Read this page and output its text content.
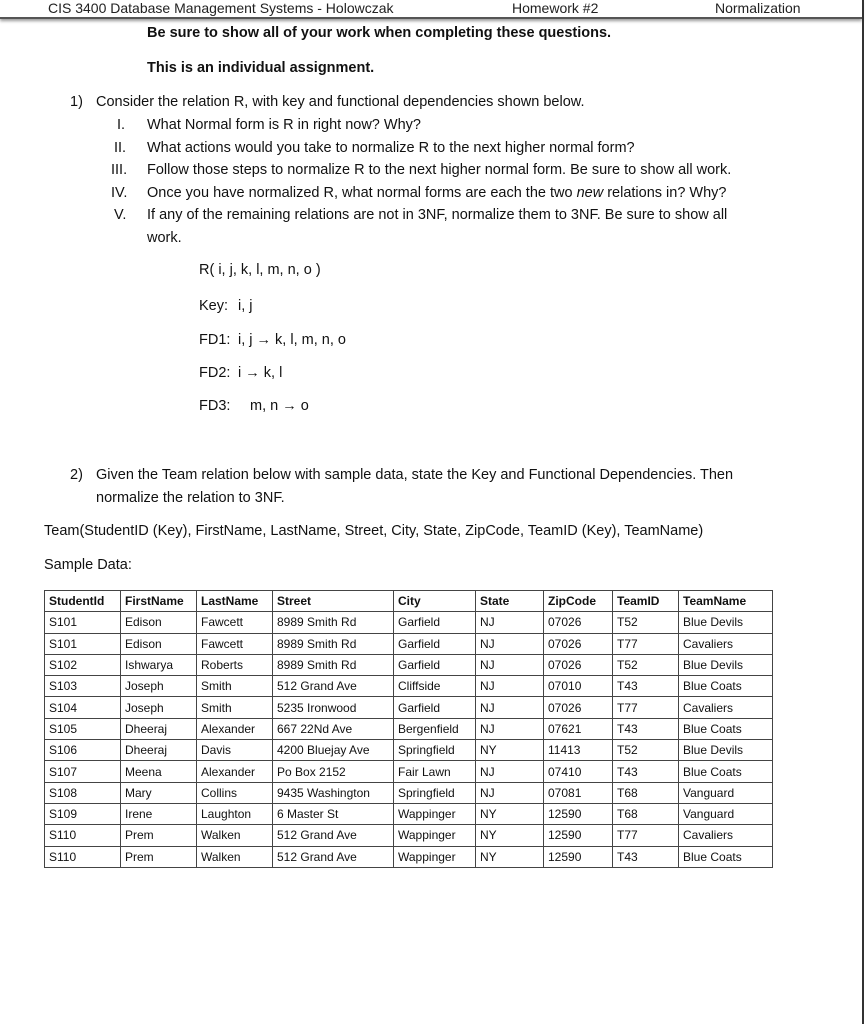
CIS 3400 Database Management Systems - Holowczak	Homework #2	Normalization
Be sure to show all of your work when completing these questions.
This is an individual assignment.
1) Consider the relation R, with key and functional dependencies shown below.
I. What Normal form is R in right now? Why?
II. What actions would you take to normalize R to the next higher normal form?
III. Follow those steps to normalize R to the next higher normal form. Be sure to show all work.
IV. Once you have normalized R, what normal forms are each the two new relations in? Why?
V. If any of the remaining relations are not in 3NF, normalize them to 3NF. Be sure to show all
work.
R( i, j, k, l, m, n, o )
Key: i, j
FD1: i, j → k, l, m, n, o
FD2: i → k, l
FD3: m, n → o
2) Given the Team relation below with sample data, state the Key and Functional Dependencies. Then
normalize the relation to 3NF.
Team(StudentID (Key), FirstName, LastName, Street, City, State, ZipCode, TeamID (Key), TeamName)
Sample Data:
StudentId	FirstName	LastName	Street	City	State	ZipCode	TeamID	TeamName
S101	Edison	Fawcett	8989 Smith Rd	Garfield	NJ	07026	T52	Blue Devils
S101	Edison	Fawcett	8989 Smith Rd	Garfield	NJ	07026	T77	Cavaliers
S102	Ishwarya	Roberts	8989 Smith Rd	Garfield	NJ	07026	T52	Blue Devils
S103	Joseph	Smith	512 Grand Ave	Cliffside	NJ	07010	T43	Blue Coats
S104	Joseph	Smith	5235 Ironwood	Garfield	NJ	07026	T77	Cavaliers
S105	Dheeraj	Alexander	667 22Nd Ave	Bergenfield	NJ	07621	T43	Blue Coats
S106	Dheeraj	Davis	4200 Bluejay Ave	Springfield	NY	11413	T52	Blue Devils
S107	Meena	Alexander	Po Box 2152	Fair Lawn	NJ	07410	T43	Blue Coats
S108	Mary	Collins	9435 Washington	Springfield	NJ	07081	T68	Vanguard
S109	Irene	Laughton	6 Master St	Wappinger	NY	12590	T68	Vanguard
S110	Prem	Walken	512 Grand Ave	Wappinger	NY	12590	T77	Cavaliers
S110	Prem	Walken	512 Grand Ave	Wappinger	NY	12590	T43	Blue Coats
